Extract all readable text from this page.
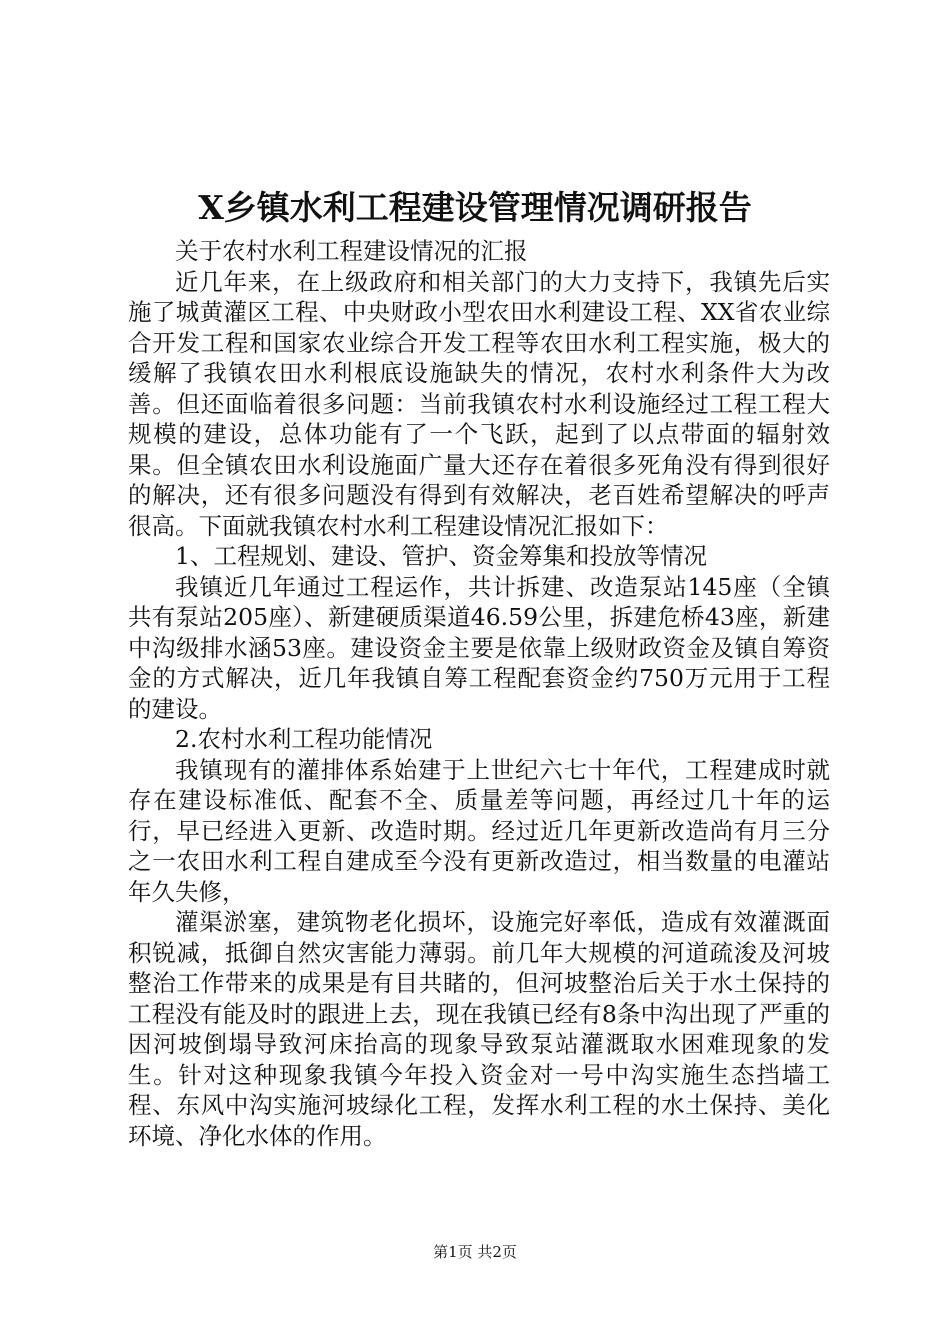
X乡镇水利工程建设管理情况调研报告

关于农村水利工程建设情况的汇报

近几年来，在上级政府和相关部门的大力支持下，我镇先后实施了城黄灌区工程、中央财政小型农田水利建设工程、XX省农业综合开发工程和国家农业综合开发工程等农田水利工程实施，极大的缓解了我镇农田水利根底设施缺失的情况，农村水利条件大为改善。但还面临着很多问题：当前我镇农村水利设施经过工程工程大规模的建设，总体功能有了一个飞跃，起到了以点带面的辐射效果。但全镇农田水利设施面广量大还存在着很多死角没有得到很好的解决，还有很多问题没有得到有效解决，老百姓希望解决的呼声很高。下面就我镇农村水利工程建设情况汇报如下：

1、工程规划、建设、管护、资金筹集和投放等情况

我镇近几年通过工程运作，共计拆建、改造泵站145座（全镇共有泵站205座）、新建硬质渠道46.59公里，拆建危桥43座，新建中沟级排水涵53座。建设资金主要是依靠上级财政资金及镇自筹资金的方式解决，近几年我镇自筹工程配套资金约750万元用于工程的建设。

2.农村水利工程功能情况

我镇现有的灌排体系始建于上世纪六七十年代，工程建成时就存在建设标准低、配套不全、质量差等问题，再经过几十年的运行，早已经进入更新、改造时期。经过近几年更新改造尚有月三分之一农田水利工程自建成至今没有更新改造过，相当数量的电灌站年久失修，

灌渠淤塞，建筑物老化损坏，设施完好率低，造成有效灌溉面积锐减，抵御自然灾害能力薄弱。前几年大规模的河道疏浚及河坡整治工作带来的成果是有目共睹的，但河坡整治后关于水土保持的工程没有能及时的跟进上去，现在我镇已经有8条中沟出现了严重的因河坡倒塌导致河床抬高的现象导致泵站灌溉取水困难现象的发生。针对这种现象我镇今年投入资金对一号中沟实施生态挡墙工程、东风中沟实施河坡绿化工程，发挥水利工程的水土保持、美化环境、净化水体的作用。

第1页 共2页
